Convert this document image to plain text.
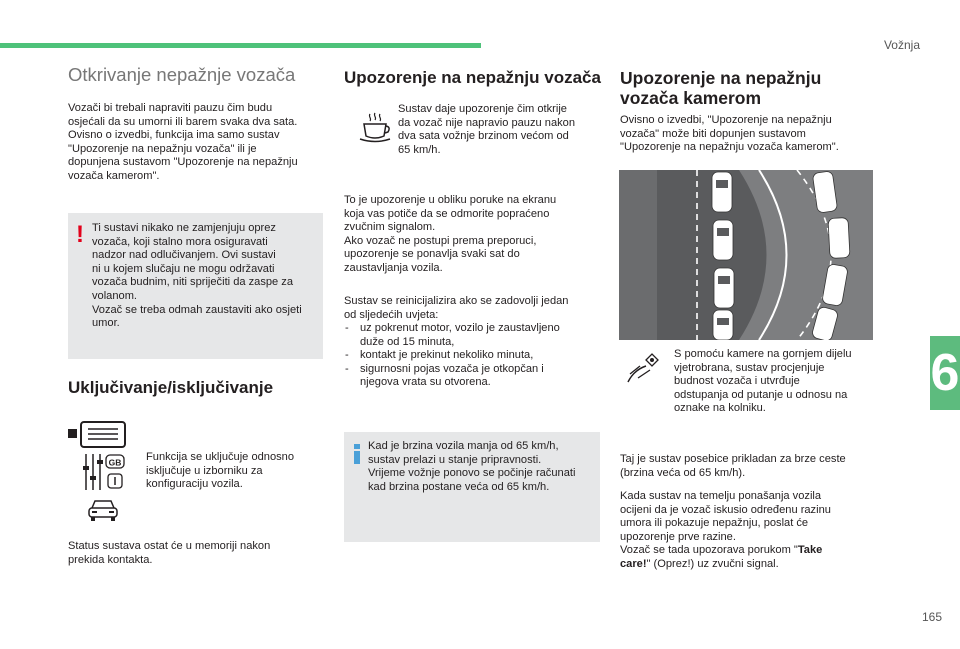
Vožnja
6
165
Otkrivanje nepažnje vozača
Vozači bi trebali napraviti pauzu čim budu
osjećali da su umorni ili barem svaka dva sata.
Ovisno o izvedbi, funkcija ima samo sustav
"Upozorenje na nepažnju vozača" ili je
dopunjena sustavom "Upozorenje na nepažnju
vozača kamerom".
! Ti sustavi nikako ne zamjenjuju oprez
vozača, koji stalno mora osiguravati
nadzor nad odlučivanjem. Ovi sustavi
ni u kojem slučaju ne mogu održavati
vozača budnim, niti spriječiti da zaspe za
volanom.
Vozač se treba odmah zaustaviti ako osjeti
umor.
Uključivanje/isključivanje
GB Funkcija se uključuje odnosno
isključuje u izborniku za
konfiguraciju vozila.
Status sustava ostat će u memoriji nakon
prekida kontakta.
Upozorenje na nepažnju vozača
Sustav daje upozorenje čim otkrije
da vozač nije napravio pauzu nakon
dva sata vožnje brzinom većom od
65 km/h.
To je upozorenje u obliku poruke na ekranu
koja vas potiče da se odmorite popraćeno
zvučnim signalom.
Ako vozač ne postupi prema preporuci,
upozorenje se ponavlja svaki sat do
zaustavljanja vozila.
Sustav se reinicijalizira ako se zadovolji jedan
od sljedećih uvjeta:
- uz pokrenut motor, vozilo je zaustavljeno
duže od 15 minuta,
- kontakt je prekinut nekoliko minuta,
- sigurnosni pojas vozača je otkopčan i
njegova vrata su otvorena.
Kad je brzina vozila manja od 65 km/h,
sustav prelazi u stanje pripravnosti.
Vrijeme vožnje ponovo se počinje računati
kad brzina postane veća od 65 km/h.
Upozorenje na nepažnju
vozača kamerom
Ovisno o izvedbi, "Upozorenje na nepažnju
vozača" može biti dopunjen sustavom
"Upozorenje na nepažnju vozača kamerom".
S pomoću kamere na gornjem dijelu
vjetrobrana, sustav procjenjuje
budnost vozača i utvrđuje
odstupanja od putanje u odnosu na
oznake na kolniku.
Taj je sustav posebice prikladan za brze ceste
(brzina veća od 65 km/h).
Kada sustav na temelju ponašanja vozila
ocijeni da je vozač iskusio određenu razinu
umora ili pokazuje nepažnju, poslat će
upozorenje prve razine.
Vozač se tada upozorava porukom "Take
care!" (Oprez!) uz zvučni signal.
